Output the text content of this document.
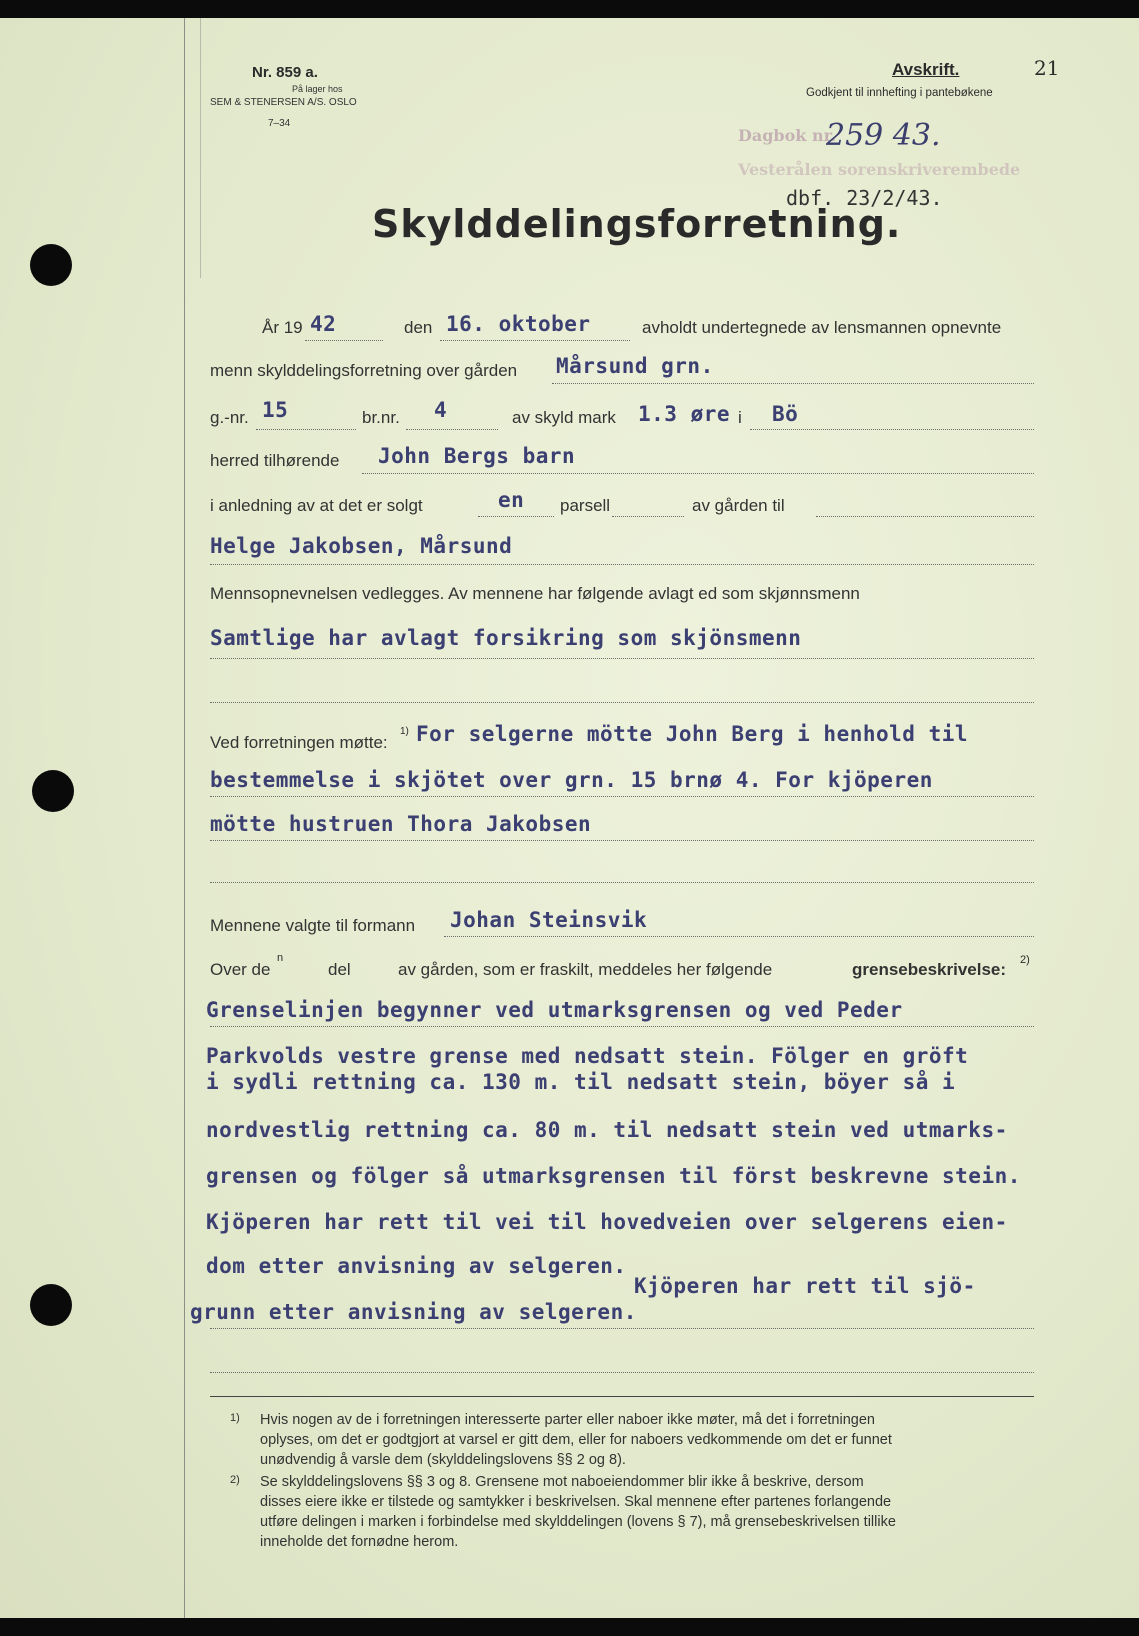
Nr. 859 a.
På lager hos
SEM & STENERSEN A/S. OSLO
7–34
Avskrift.	21
Godkjent til innhefting i pantebøkene
Dagbok nr.
259 43.
Vesterålen sorenskriverembede
dbf. 23/2/43.
Skylddelingsforretning.
År 19 42	den 16. oktober	avholdt undertegnede av lensmannen opnevnte
menn skylddelingsforretning over gården Mårsund grn.
g.-nr. 15	br.nr. 4	av skyld mark 1.3 øre i Bö
herred tilhørende John Bergs barn
i anledning av at det er solgt	en parsell	av gården til
Helge Jakobsen, Mårsund
Mennsopnevnelsen vedlegges. Av mennene har følgende avlagt ed som skjønnsmenn
Samtlige har avlagt forsikring som skjönsmenn
Ved forretningen møtte:
1) For selgerne mötte John Berg i henhold til
bestemmelse i skjötet over grn. 15 brnø 4. For kjöperen
mötte hustruen Thora Jakobsen
Mennene valgte til formann Johan Steinsvik
Over de
n
del	av gården, som er fraskilt, meddeles her følgende	grensebeskrivelse: 2)
Grenselinjen begynner ved utmarksgrensen og ved Peder
Parkvolds vestre grense med nedsatt stein. Fölger en gröft
i sydli rettning ca. 130 m. til nedsatt stein, böyer så i
nordvestlig rettning ca. 80 m. til nedsatt stein ved utmarks-
grensen og fölger så utmarksgrensen til först beskrevne stein.
Kjöperen har rett til vei til hovedveien over selgerens eien-
dom etter anvisning av selgeren.
Kjöperen har rett til sjö-
grunn etter anvisning av selgeren.
1) Hvis nogen av de i forretningen interesserte parter eller naboer ikke møter, må det i forretningen
oplyses, om det er godtgjort at varsel er gitt dem, eller for naboers vedkommende om det er funnet
unødvendig å varsle dem (skylddelingslovens §§ 2 og 8).
2) Se skylddelingslovens §§ 3 og 8. Grensene mot naboeiendommer blir ikke å beskrive, dersom
disses eiere ikke er tilstede og samtykker i beskrivelsen. Skal mennene efter partenes forlangende
utføre delingen i marken i forbindelse med skylddelingen (lovens § 7), må grensebeskrivelsen tillike
inneholde det fornødne herom.
